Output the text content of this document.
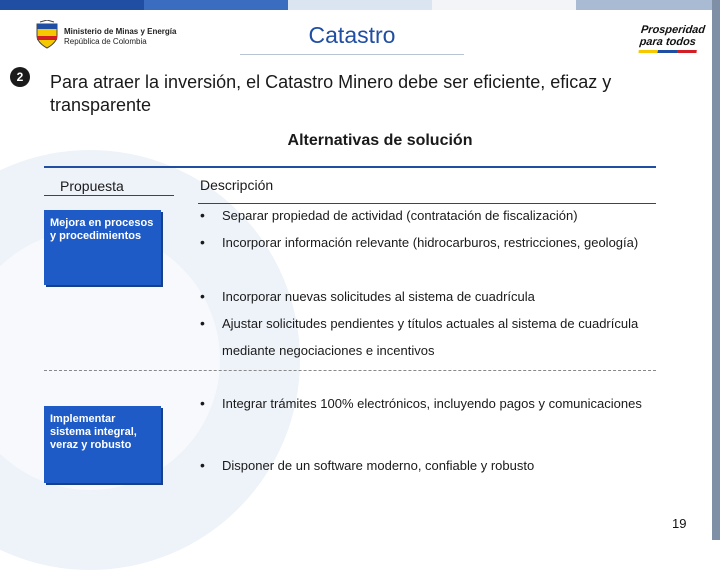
Ministerio de Minas y Energía
República de Colombia	Catastro	Prosperidad
para todos
2	Para atraer la inversión, el Catastro Minero debe ser eficiente, eficaz y transparente
Alternativas de solución
Propuesta	Descripción
Mejora en procesos y procedimientos
•	Separar propiedad de actividad (contratación de fiscalización)
•	Incorporar información relevante (hidrocarburos, restricciones, geología)
•	Incorporar nuevas solicitudes al sistema de cuadrícula
•	Ajustar solicitudes pendientes y títulos actuales al sistema de cuadrícula mediante negociaciones e incentivos
Implementar sistema integral, veraz y robusto
•	Integrar trámites 100% electrónicos, incluyendo pagos y comunicaciones
•	Disponer de un software moderno, confiable y robusto
19
